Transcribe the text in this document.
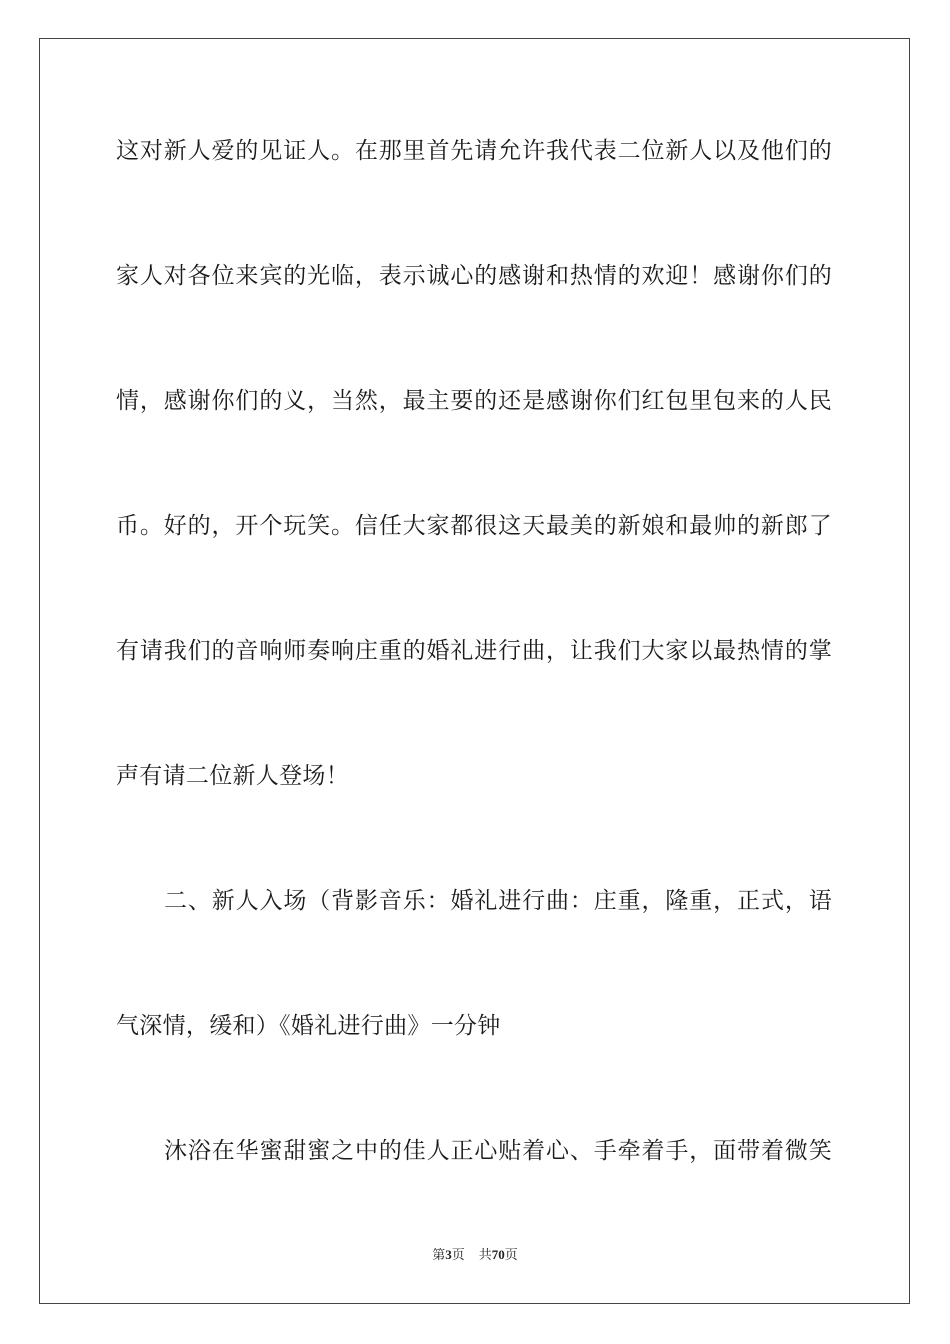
这对新人爱的见证人。在那里首先请允许我代表二位新人以及他们的
家人对各位来宾的光临，表示诚心的感谢和热情的欢迎！感谢你们的
情，感谢你们的义，当然，最主要的还是感谢你们红包里包来的人民
币。好的，开个玩笑。信任大家都很这天最美的新娘和最帅的新郎了
有请我们的音响师奏响庄重的婚礼进行曲，让我们大家以最热情的掌
声有请二位新人登场！
二、新人入场（背影音乐：婚礼进行曲：庄重，隆重，正式，语
气深情，缓和）《婚礼进行曲》一分钟
沐浴在华蜜甜蜜之中的佳人正心贴着心、手牵着手，面带着微笑
第3页 共70页
